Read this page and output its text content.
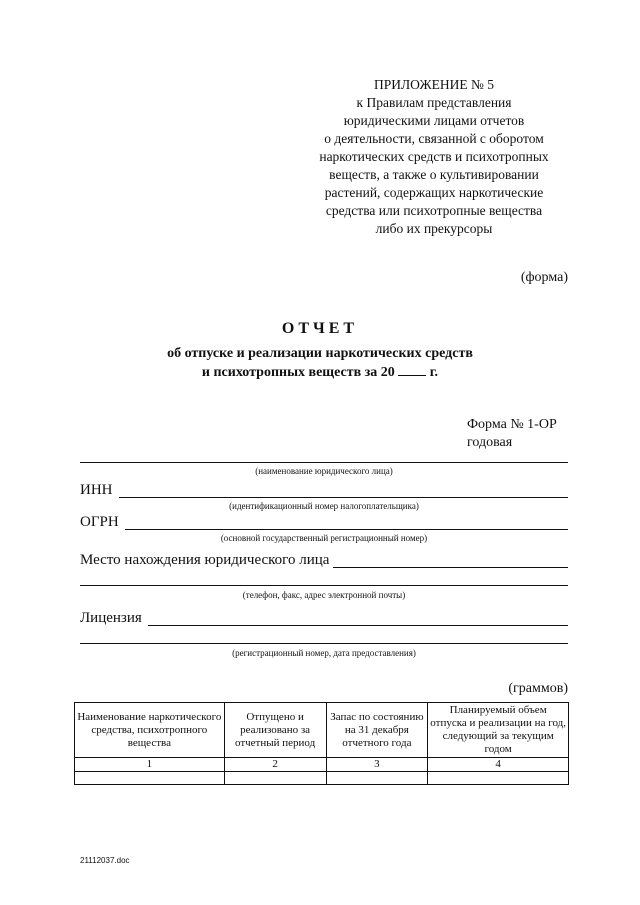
ПРИЛОЖЕНИЕ № 5
к Правилам представления
юридическими лицами отчетов
о деятельности, связанной с оборотом
наркотических средств и психотропных
веществ, а также о культивировании
растений, содержащих наркотические
средства или психотропные вещества
либо их прекурсоры
(форма)
ОТЧЕТ
об отпуске и реализации наркотических средств
и психотропных веществ за 20	г.
Форма № 1-ОР
годовая
(наименование юридического лица)
ИНН
(идентификационный номер налогоплательщика)
ОГРН
(основной государственный регистрационный номер)
Место нахождения юридического лица
(телефон, факс, адрес электронной почты)
Лицензия
(регистрационный номер, дата предоставления)
(граммов)
Наименование наркотического средства, психотропного вещества	Отпущено и реализовано за отчетный период	Запас по состоянию на 31 декабря отчетного года	Планируемый объем отпуска и реализации на год, следующий за текущим годом
1	2	3	4

21112037.doc
